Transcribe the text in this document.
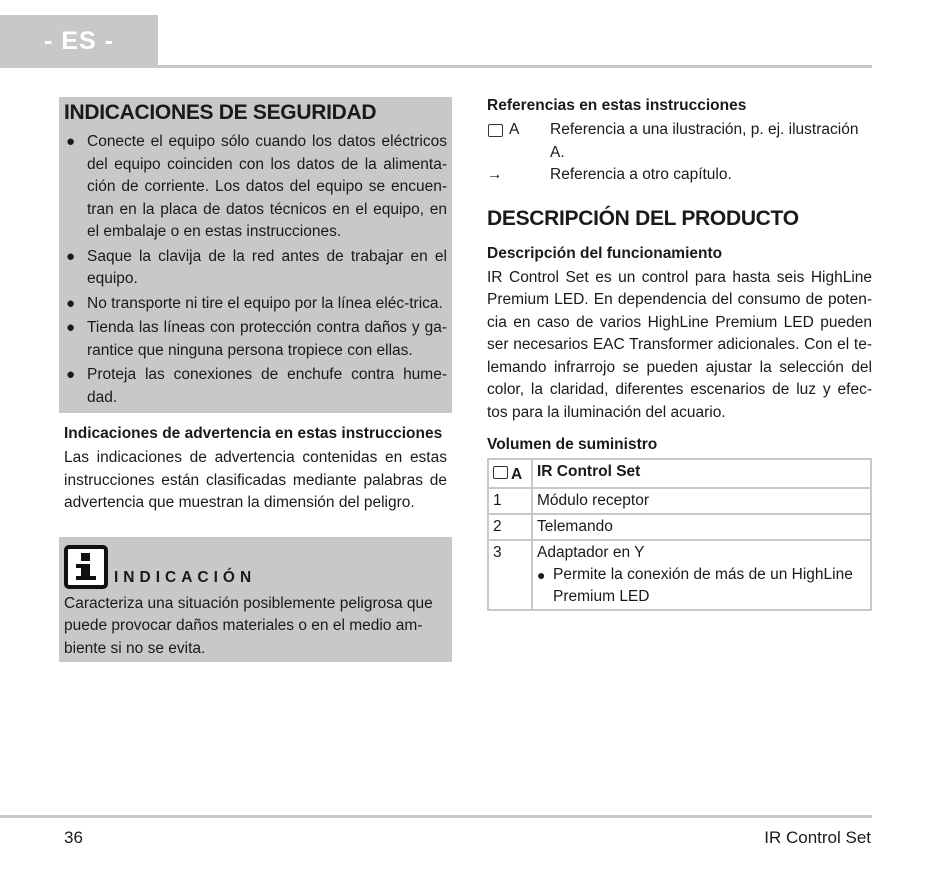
- ES -
INDICACIONES DE SEGURIDAD
● Conecte el equipo sólo cuando los datos eléctricos del equipo coinciden con los datos de la alimenta-ción de corriente. Los datos del equipo se encuen-tran en la placa de datos técnicos en el equipo, en el embalaje o en estas instrucciones.
● Saque la clavija de la red antes de trabajar en el equipo.
● No transporte ni tire el equipo por la línea eléc-trica.
● Tienda las líneas con protección contra daños y ga-rantice que ninguna persona tropiece con ellas.
● Proteja las conexiones de enchufe contra hume-dad.
Indicaciones de advertencia en estas instrucciones
Las indicaciones de advertencia contenidas en estas instrucciones están clasificadas mediante palabras de advertencia que muestran la dimensión del peligro.
INDICACIÓN
Caracteriza una situación posiblemente peligrosa que puede provocar daños materiales o en el medio am-biente si no se evita.
Referencias en estas instrucciones
A Referencia a una ilustración, p. ej. ilustración A.
→	Referencia a otro capítulo.
DESCRIPCIÓN DEL PRODUCTO
Descripción del funcionamiento
IR Control Set es un control para hasta seis HighLine Premium LED. En dependencia del consumo de poten-cia en caso de varios HighLine Premium LED pueden ser necesarios EAC Transformer adicionales. Con el te-lemando infrarrojo se pueden ajustar la selección del color, la claridad, diferentes escenarios de luz y efec-tos para la iluminación del acuario.
Volumen de suministro
A	IR Control Set
1	Módulo receptor
2	Telemando
3	Adaptador en Y
● Permite la conexión de más de un HighLine Premium LED
36	IR Control Set
